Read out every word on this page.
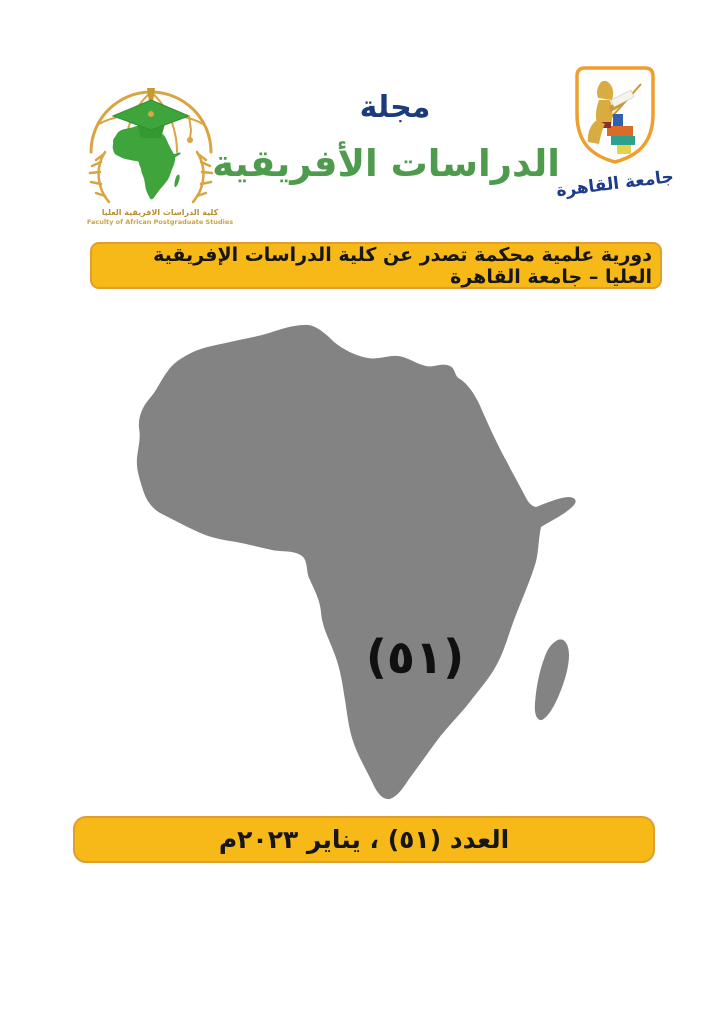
كلية الدراسات الافريقية العليا
Faculty of African Postgraduate Studies
مجلة
الدراسات الأفريقية
جامعة القاهرة
دورية علمية محكمة تصدر عن كلية الدراسات الإفريقية العليا – جامعة القاهرة
(٥١)
العدد (٥١) ، يناير ٢٠٢٣م
